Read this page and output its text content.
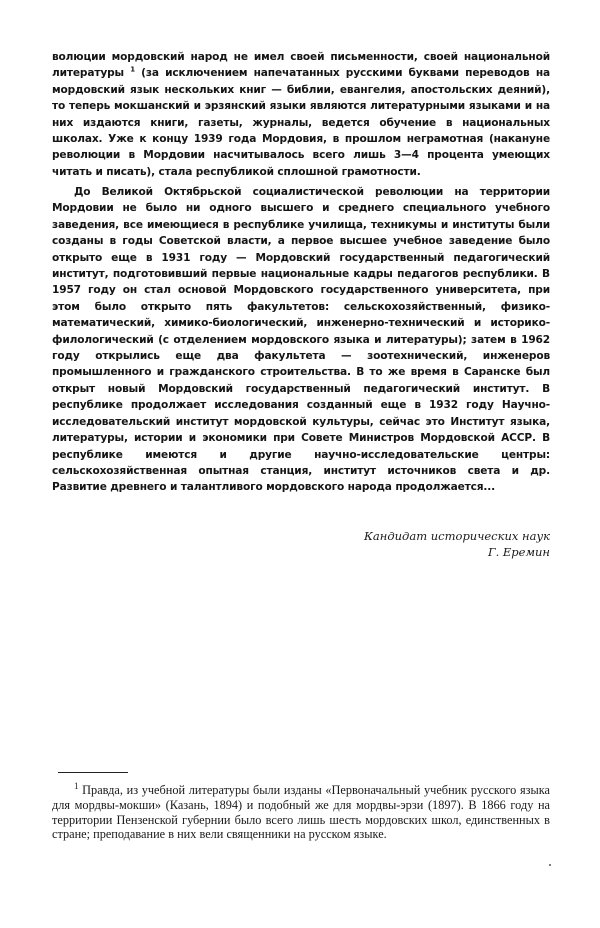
волюции мордовский народ не имел своей письменности, своей национальной литературы $^1$ (за исключением напечатанных русскими буквами переводов на мордовский язык нескольких книг — библии, евангелия, апостольских деяний), то теперь мокшанский и эрзянский языки являются литературными языками и на них издаются книги, газеты, журналы, ведется обучение в национальных школах. Уже к концу 1939 года Мордовия, в прошлом неграмотная (накануне революции в Мордовии насчитывалось всего лишь 3—4 процента умеющих читать и писать), стала республикой сплошной грамотности.

До Великой Октябрьской социалистической революции на территории Мордовии не было ни одного высшего и среднего специального учебного заведения, все имеющиеся в республике училища, техникумы и институты были созданы в годы Советской власти, а первое высшее учебное заведение было открыто еще в 1931 году — Мордовский государственный педагогический институт, подготовивший первые национальные кадры педагогов республики. В 1957 году он стал основой Мордовского государственного университета, при этом было открыто пять факультетов: сельскохозяйственный, физико-математический, химико-биологический, инженерно-технический и историко-филологический (с отделением мордовского языка и литературы); затем в 1962 году открылись еще два факультета — зоотехнический, инженеров промышленного и гражданского строительства. В то же время в Саранске был открыт новый Мордовский государственный педагогический институт. В республике продолжает исследования созданный еще в 1932 году Научно-исследовательский институт мордовской культуры, сейчас это Институт языка, литературы, истории и экономики при Совете Министров Мордовской АССР. В республике имеются и другие научно-исследовательские центры: сельскохозяйственная опытная станция, институт источников света и др. Развитие древнего и талантливого мордовского народа продолжается...

Кандидат исторических наук
Г. Еремин

$^1$ Правда, из учебной литературы были изданы «Первоначальный учебник русского языка для мордвы-мокши» (Казань, 1894) и подобный же для мордвы-эрзи (1897). В 1866 году на территории Пензенской губернии было всего лишь шесть мордовских школ, единственных в стране; преподавание в них вели священники на русском языке.
